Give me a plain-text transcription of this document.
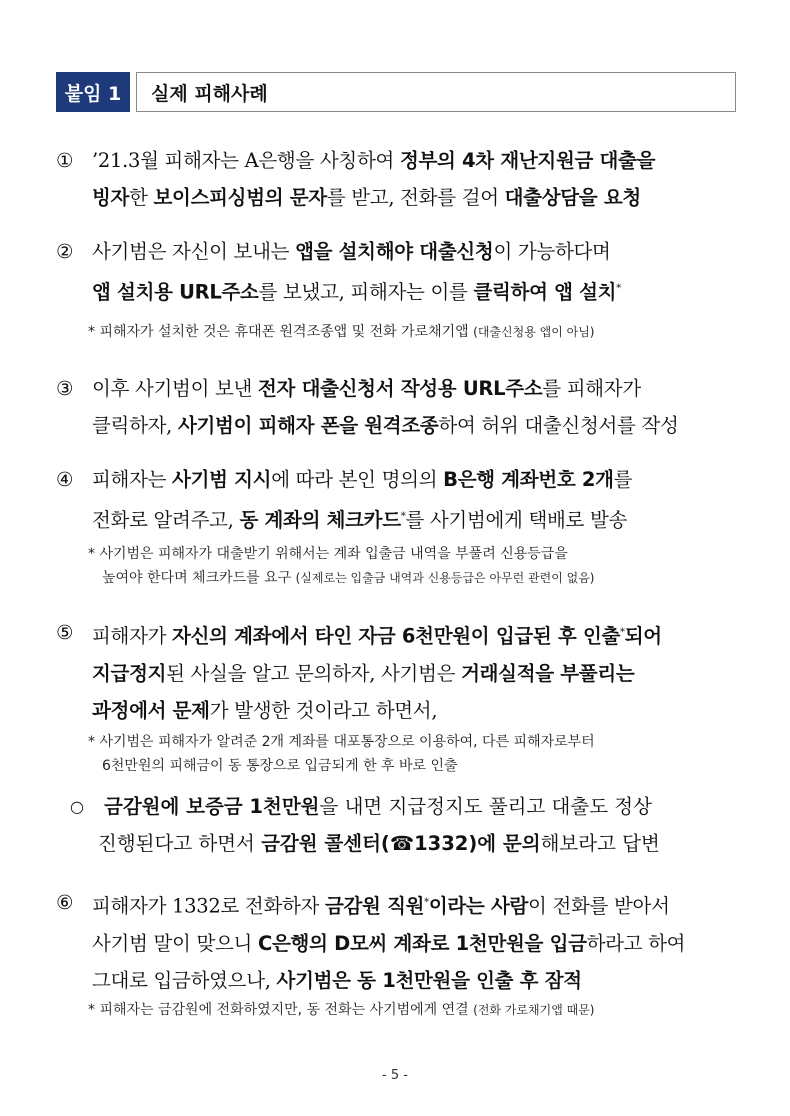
붙임 1	실제 피해사례
① ’21.3월 피해자는 A은행을 사칭하여 정부의 4차 재난지원금 대출을
빙자한 보이스피싱범의 문자를 받고, 전화를 걸어 대출상담을 요청
② 사기범은 자신이 보내는 앱을 설치해야 대출신청이 가능하다며
앱 설치용 URL주소를 보냈고, 피해자는 이를 클릭하여 앱 설치*
* 피해자가 설치한 것은 휴대폰 원격조종앱 및 전화 가로채기앱 (대출신청용 앱이 아님)
③ 이후 사기범이 보낸 전자 대출신청서 작성용 URL주소를 피해자가
클릭하자, 사기범이 피해자 폰을 원격조종하여 허위 대출신청서를 작성
④ 피해자는 사기범 지시에 따라 본인 명의의 B은행 계좌번호 2개를
전화로 알려주고, 동 계좌의 체크카드*를 사기범에게 택배로 발송
* 사기범은 피해자가 대출받기 위해서는 계좌 입출금 내역을 부풀려 신용등급을
높여야 한다며 체크카드를 요구 (실제로는 입출금 내역과 신용등급은 아무런 관련이 없음)
⑤ 피해자가 자신의 계좌에서 타인 자금 6천만원이 입급된 후 인출*되어
지급정지된 사실을 알고 문의하자, 사기범은 거래실적을 부풀리는
과정에서 문제가 발생한 것이라고 하면서,
* 사기범은 피해자가 알려준 2개 계좌를 대포통장으로 이용하여, 다른 피해자로부터
6천만원의 피해금이 동 통장으로 입금되게 한 후 바로 인출
○	금감원에 보증금 1천만원을 내면 지급정지도 풀리고 대출도 정상
진행된다고 하면서 금감원 콜센터(☎1332)에 문의해보라고 답변
⑥ 피해자가 1332로 전화하자 금감원 직원*이라는 사람이 전화를 받아서
사기범 말이 맞으니 C은행의 D모씨 계좌로 1천만원을 입금하라고 하여
그대로 입금하였으나, 사기범은 동 1천만원을 인출 후 잠적
* 피해자는 금감원에 전화하였지만, 동 전화는 사기범에게 연결 (전화 가로채기앱 때문)
- 5 -
